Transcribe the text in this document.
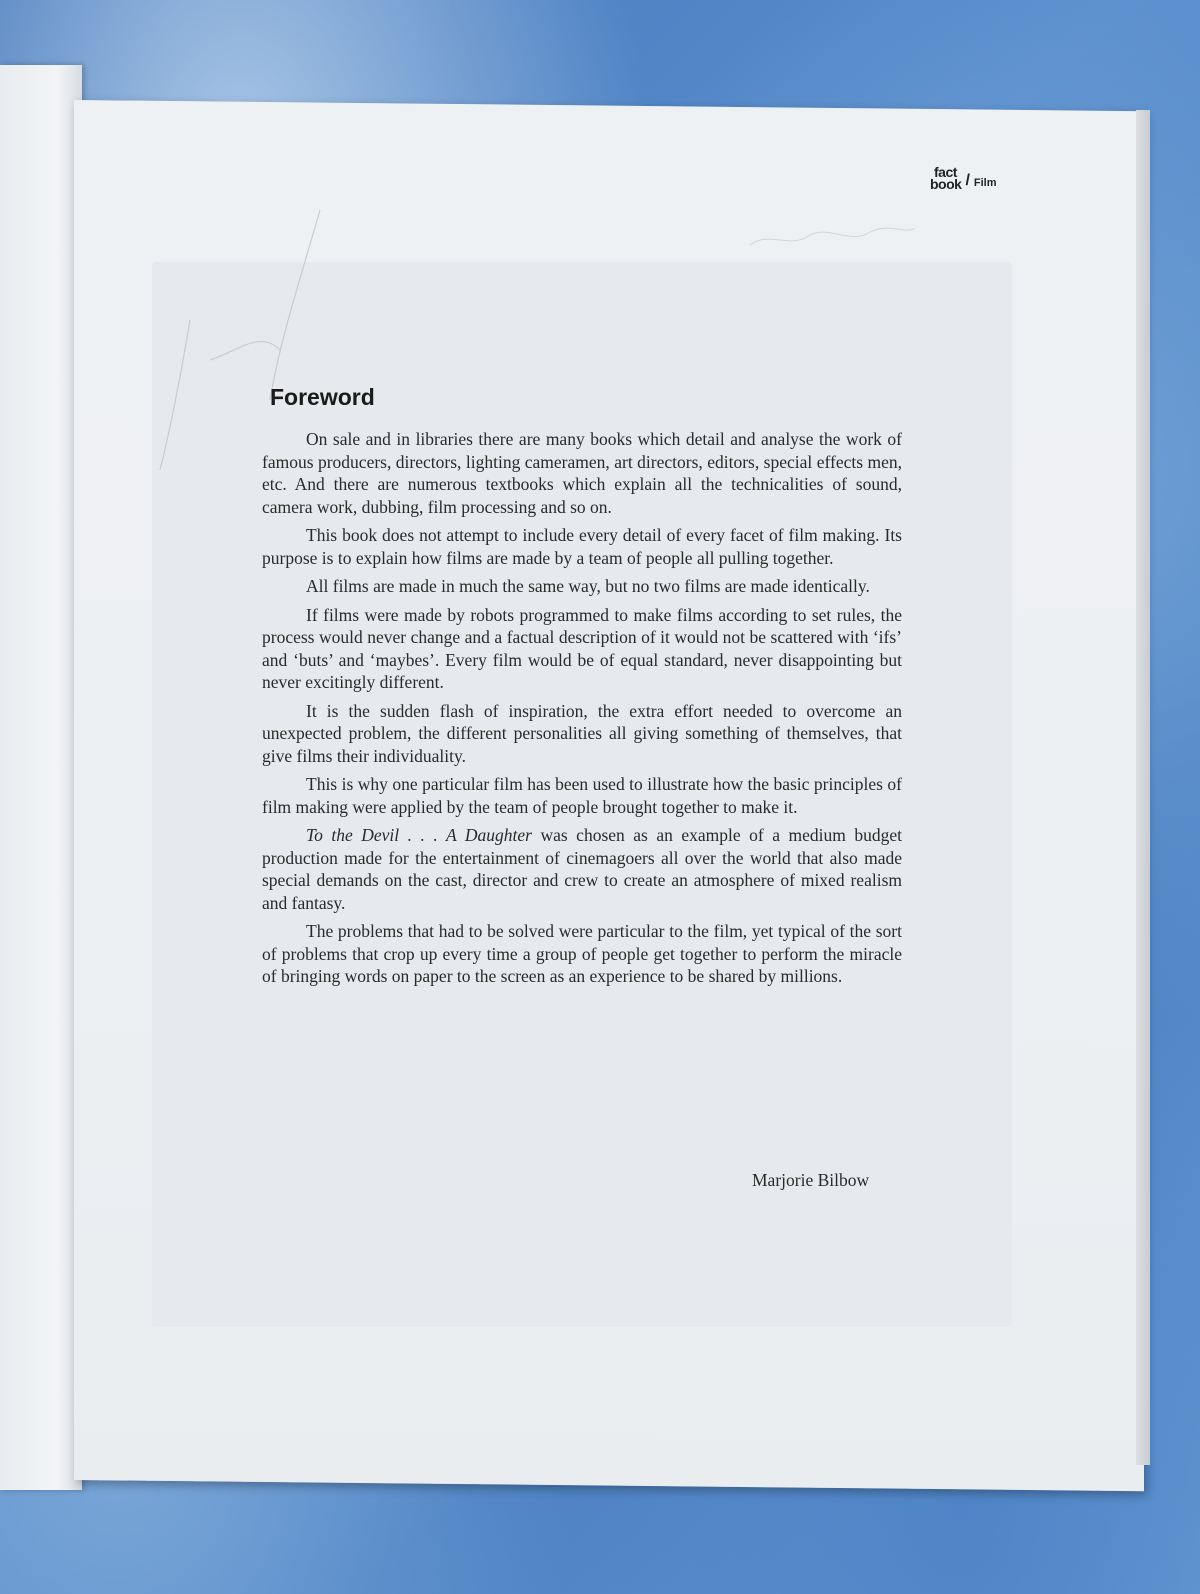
fact
book / Film
Foreword

On sale and in libraries there are many books which detail and analyse the work of famous producers, directors, lighting cameramen, art directors, editors, special effects men, etc. And there are numerous textbooks which explain all the technicalities of sound, camera work, dubbing, film processing and so on.

This book does not attempt to include every detail of every facet of film making. Its purpose is to explain how films are made by a team of people all pulling together.

All films are made in much the same way, but no two films are made identically.

If films were made by robots programmed to make films according to set rules, the process would never change and a factual description of it would not be scattered with ‘ifs’ and ‘buts’ and ‘maybes’. Every film would be of equal standard, never disappointing but never excitingly different.

It is the sudden flash of inspiration, the extra effort needed to overcome an unexpected problem, the different personalities all giving something of themselves, that give films their individuality.

This is why one particular film has been used to illustrate how the basic principles of film making were applied by the team of people brought together to make it.

To the Devil . . . A Daughter was chosen as an example of a medium budget production made for the entertainment of cinemagoers all over the world that also made special demands on the cast, director and crew to create an atmosphere of mixed realism and fantasy.

The problems that had to be solved were particular to the film, yet typical of the sort of problems that crop up every time a group of people get together to perform the miracle of bringing words on paper to the screen as an experience to be shared by millions.

Marjorie Bilbow
